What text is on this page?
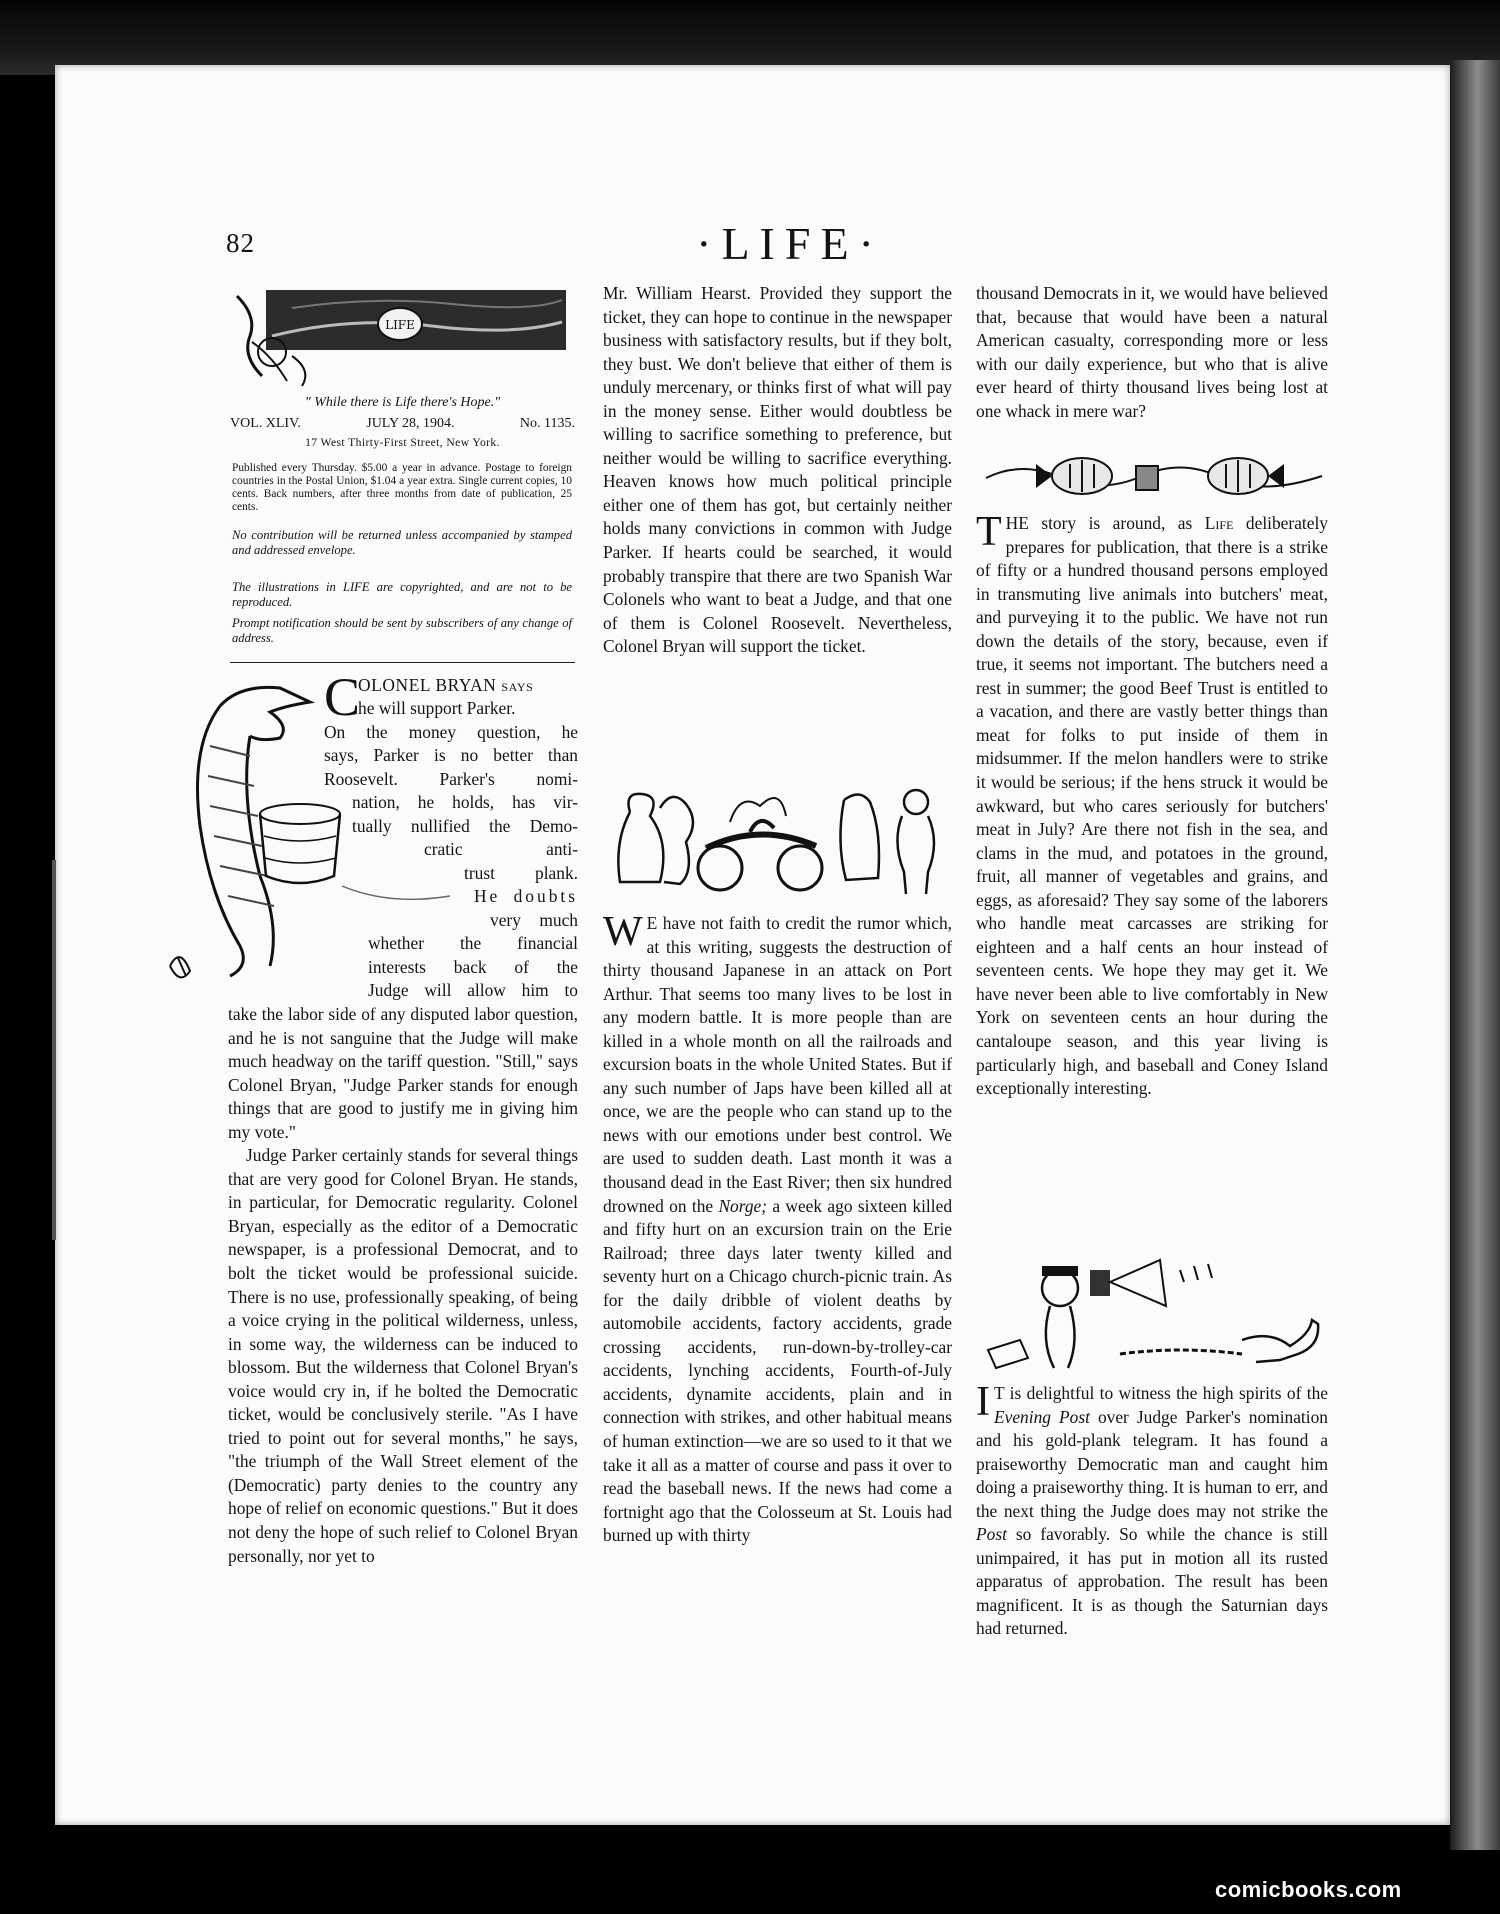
82	·LIFE·
LIFE
" While there is Life there's Hope."
VOL. XLIV.	JULY 28, 1904.	No. 1135.
17 West Thirty-First Street, New York.
Published every Thursday. $5.00 a year in advance. Postage to foreign countries in the Postal Union, $1.04 a year extra. Single current copies, 10 cents. Back numbers, after three months from date of publication, 25 cents.
No contribution will be returned unless accompanied by stamped and addressed envelope.
The illustrations in LIFE are copyrighted, and are not to be reproduced.
Prompt notification should be sent by subscribers of any change of address.
C
OLONEL BRYAN says
he will support Parker.
On the money question, he
says, Parker is no better than
Roosevelt. Parker's nomi-
nation, he holds, has vir-
tually nullified the Demo-
cratic anti-
trust plank.
He doubts
very much
whether the financial
interests back of the
Judge will allow him to

take the labor side of any disputed labor question, and he is not sanguine that the Judge will make much headway on the tariff question. "Still," says Colonel Bryan, "Judge Parker stands for enough things that are good to justify me in giving him my vote."

Judge Parker certainly stands for several things that are very good for Colonel Bryan. He stands, in particular, for Democratic regularity. Colonel Bryan, especially as the editor of a Democratic newspaper, is a professional Democrat, and to bolt the ticket would be professional suicide. There is no use, professionally speaking, of being a voice crying in the political wilderness, unless, in some way, the wilderness can be induced to blossom. But the wilderness that Colonel Bryan's voice would cry in, if he bolted the Democratic ticket, would be conclusively sterile. "As I have tried to point out for several months," he says, "the triumph of the Wall Street element of the (Democratic) party denies to the country any hope of relief on economic questions." But it does not deny the hope of such relief to Colonel Bryan personally, nor yet to

Mr. William Hearst. Provided they support the ticket, they can hope to continue in the newspaper business with satisfactory results, but if they bolt, they bust. We don't believe that either of them is unduly mercenary, or thinks first of what will pay in the money sense. Either would doubtless be willing to sacrifice something to preference, but neither would be willing to sacrifice everything. Heaven knows how much political principle either one of them has got, but certainly neither holds many convictions in common with Judge Parker. If hearts could be searched, it would probably transpire that there are two Spanish War Colonels who want to beat a Judge, and that one of them is Colonel Roosevelt. Nevertheless, Colonel Bryan will support the ticket.

W E have not faith to credit the rumor which, at this writing, suggests the destruction of thirty thousand Japanese in an attack on Port Arthur. That seems too many lives to be lost in any modern battle. It is more people than are killed in a whole month on all the railroads and excursion boats in the whole United States. But if any such number of Japs have been killed all at once, we are the people who can stand up to the news with our emotions under best control. We are used to sudden death. Last month it was a thousand dead in the East River; then six hundred drowned on the Norge; a week ago sixteen killed and fifty hurt on an excursion train on the Erie Railroad; three days later twenty killed and seventy hurt on a Chicago church-picnic train. As for the daily dribble of violent deaths by automobile accidents, factory accidents, grade crossing accidents, run-down-by-trolley-car accidents, lynching accidents, Fourth-of-July accidents, dynamite accidents, plain and in connection with strikes, and other habitual means of human extinction—we are so used to it that we take it all as a matter of course and pass it over to read the baseball news. If the news had come a fortnight ago that the Colosseum at St. Louis had burned up with thirty

thousand Democrats in it, we would have believed that, because that would have been a natural American casualty, corresponding more or less with our daily experience, but who that is alive ever heard of thirty thousand lives being lost at one whack in mere war?

THE story is around, as Life deliberately prepares for publication, that there is a strike of fifty or a hundred thousand persons employed in transmuting live animals into butchers' meat, and purveying it to the public. We have not run down the details of the story, because, even if true, it seems not important. The butchers need a rest in summer; the good Beef Trust is entitled to a vacation, and there are vastly better things than meat for folks to put inside of them in midsummer. If the melon handlers were to strike it would be serious; if the hens struck it would be awkward, but who cares seriously for butchers' meat in July? Are there not fish in the sea, and clams in the mud, and potatoes in the ground, fruit, all manner of vegetables and grains, and eggs, as aforesaid? They say some of the laborers who handle meat carcasses are striking for eighteen and a half cents an hour instead of seventeen cents. We hope they may get it. We have never been able to live comfortably in New York on seventeen cents an hour during the cantaloupe season, and this year living is particularly high, and baseball and Coney Island exceptionally interesting.

I T is delightful to witness the high spirits of the Evening Post over Judge Parker's nomination and his gold-plank telegram. It has found a praiseworthy Democratic man and caught him doing a praiseworthy thing. It is human to err, and the next thing the Judge does may not strike the Post so favorably. So while the chance is still unimpaired, it has put in motion all its rusted apparatus of approbation. The result has been magnificent. It is as though the Saturnian days had returned.

comicbooks.com
